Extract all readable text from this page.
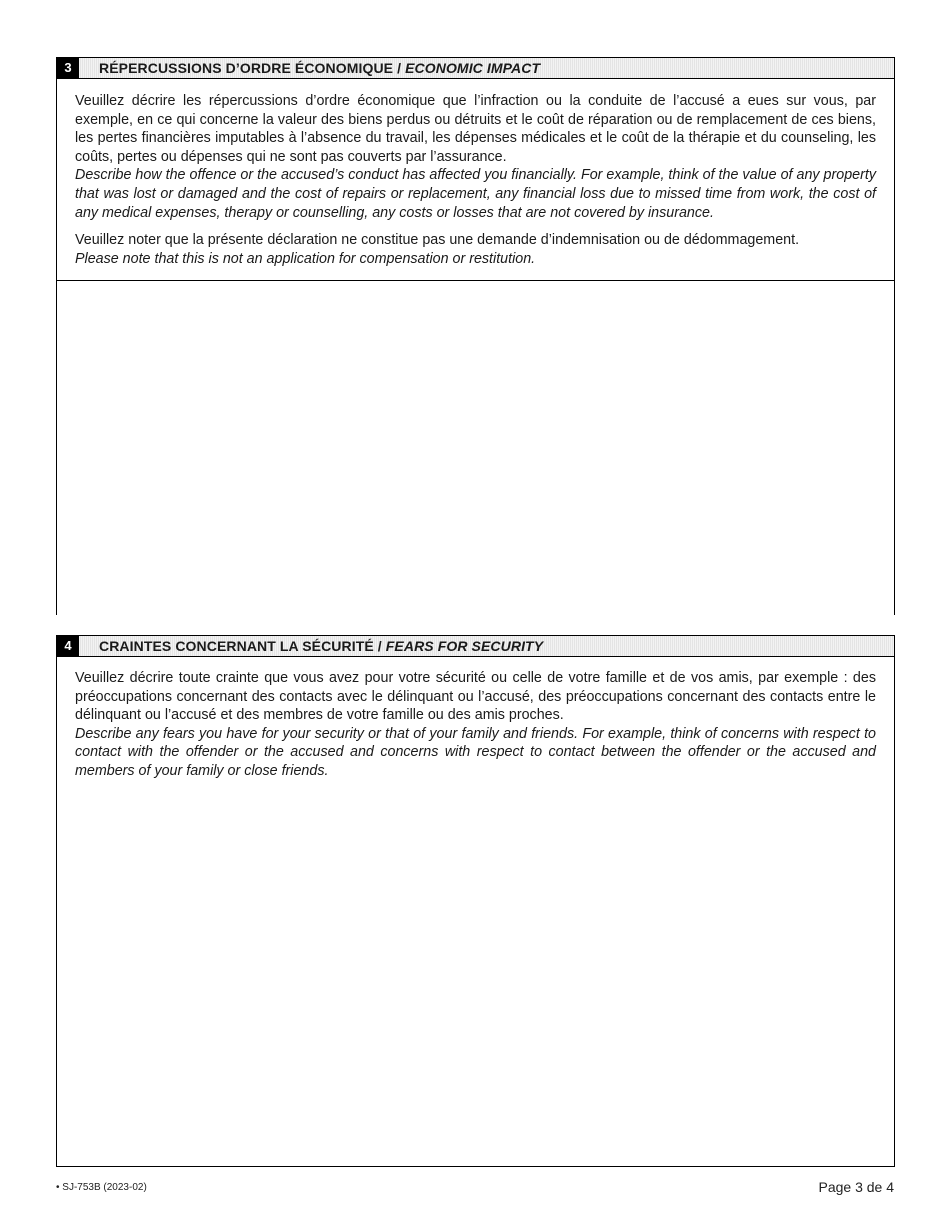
3	RÉPERCUSSIONS D’ORDRE ÉCONOMIQUE / ECONOMIC IMPACT

Veuillez décrire les répercussions d’ordre économique que l’infraction ou la conduite de l’accusé a eues sur vous, par exemple, en ce qui concerne la valeur des biens perdus ou détruits et le coût de réparation ou de remplacement de ces biens, les pertes financières imputables à l’absence du travail, les dépenses médicales et le coût de la thérapie et du counseling, les coûts, pertes ou dépenses qui ne sont pas couverts par l’assurance.

Describe how the offence or the accused’s conduct has affected you financially. For example, think of the value of any property that was lost or damaged and the cost of repairs or replacement, any financial loss due to missed time from work, the cost of any medical expenses, therapy or counselling, any costs or losses that are not covered by insurance.

Veuillez noter que la présente déclaration ne constitue pas une demande d’indemnisation ou de dédommagement.

Please note that this is not an application for compensation or restitution.

4	CRAINTES CONCERNANT LA SÉCURITÉ / FEARS FOR SECURITY

Veuillez décrire toute crainte que vous avez pour votre sécurité ou celle de votre famille et de vos amis, par exemple : des préoccupations concernant des contacts avec le délinquant ou l’accusé, des préoccupations concernant des contacts entre le délinquant ou l’accusé et des membres de votre famille ou des amis proches.

Describe any fears you have for your security or that of your family and friends. For example, think of concerns with respect to contact with the offender or the accused and concerns with respect to contact between the offender or the accused and members of your family or close friends.

• SJ-753B (2023-02)	Page 3 de 4
